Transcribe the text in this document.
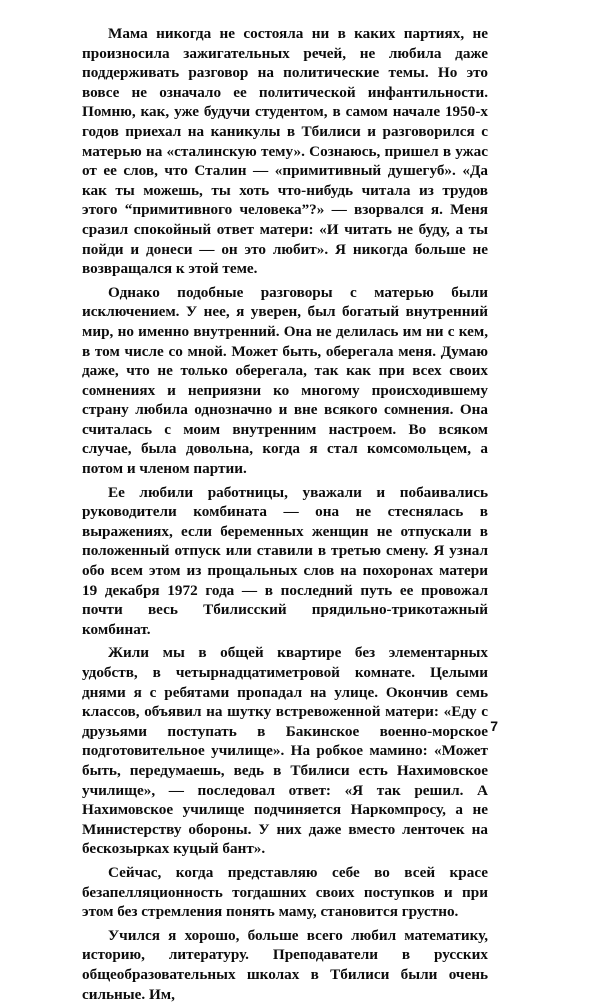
Мама никогда не состояла ни в каких партиях, не произносила зажигательных речей, не любила даже поддерживать разговор на политические темы. Но это вовсе не означало ее политической инфантильности. Помню, как, уже будучи студентом, в самом начале 1950-х годов приехал на каникулы в Тбилиси и разговорился с матерью на «сталинскую тему». Сознаюсь, пришел в ужас от ее слов, что Сталин — «примитивный душегуб». «Да как ты можешь, ты хоть что-нибудь читала из трудов этого “примитивного человека”?» — взорвался я. Меня сразил спокойный ответ матери: «И читать не буду, а ты пойди и донеси — он это любит». Я никогда больше не возвращался к этой теме.

Однако подобные разговоры с матерью были исключением. У нее, я уверен, был богатый внутренний мир, но именно внутренний. Она не делилась им ни с кем, в том числе со мной. Может быть, оберегала меня. Думаю даже, что не только оберегала, так как при всех своих сомнениях и неприязни ко многому происходившему страну любила однозначно и вне всякого сомнения. Она считалась с моим внутренним настроем. Во всяком случае, была довольна, когда я стал комсомольцем, а потом и членом партии.

Ее любили работницы, уважали и побаивались руководители комбината — она не стеснялась в выражениях, если беременных женщин не отпускали в положенный отпуск или ставили в третью смену. Я узнал обо всем этом из прощальных слов на похоронах матери 19 декабря 1972 года — в последний путь ее провожал почти весь Тбилисский прядильно-трикотажный комбинат.

Жили мы в общей квартире без элементарных удобств, в четырнадцатиметровой комнате. Целыми днями я с ребятами пропадал на улице. Окончив семь классов, объявил на шутку встревоженной матери: «Еду с друзьями поступать в Бакинское военно-морское подготовительное училище». На робкое мамино: «Может быть, передумаешь, ведь в Тбилиси есть Нахимовское училище», — последовал ответ: «Я так решил. А Нахимовское училище подчиняется Наркомпросу, а не Министерству обороны. У них даже вместо ленточек на бескозырках куцый бант».

Сейчас, когда представляю себе во всей красе безапелляционность тогдашних своих поступков и при этом без стремления понять маму, становится грустно.

Учился я хорошо, больше всего любил математику, историю, литературу. Преподаватели в русских общеобразовательных школах в Тбилиси были очень сильные. Им,

7
